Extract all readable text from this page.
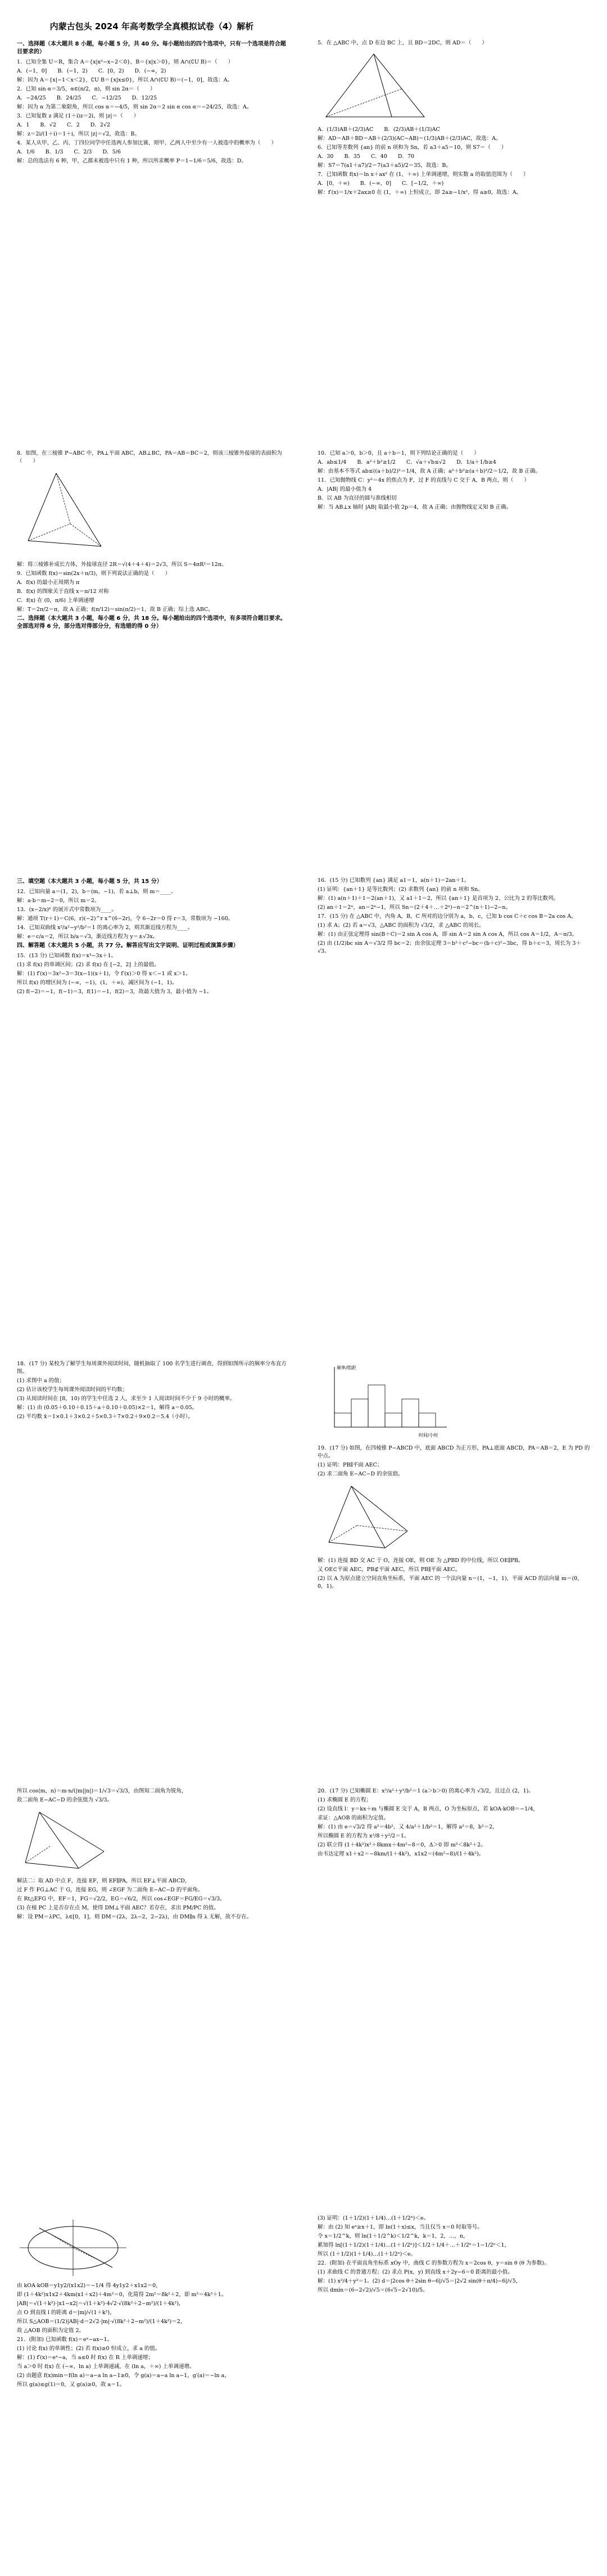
内蒙古包头 2024 年高考数学全真模拟试卷（4）解析
一、选择题（本大题共 8 小题，每小题 5 分，共 40 分。每小题给出的四个选项中，只有一个选项是符合题目要求的）

1．已知全集 U＝R，集合 A＝{x|x²−x−2＜0}，B＝{x|x＞0}，则 A∩(∁U B)＝（　　）

A．(−1，0]　　B．(−1，2)　　C．[0，2)　　D．(−∞，2)

解：因为 A＝{x|−1＜x＜2}，∁U B＝{x|x≤0}，所以 A∩(∁U B)＝(−1，0]，故选：A。

2．已知 sin α＝3/5，α∈(π/2，π)，则 sin 2α＝（　　）

A．−24/25　　B．24/25　　C．−12/25　　D．12/25

解：因为 α 为第二象限角，所以 cos α＝−4/5，则 sin 2α＝2 sin α cos α＝−24/25，故选：A。

3．已知复数 z 满足 (1＋i)z＝2i，则 |z|＝（　　）

A．1　　B．√2　　C．2　　D．2√2

解：z＝2i/(1＋i)＝1＋i，所以 |z|＝√2，故选：B。

4．某人从甲、乙、丙、丁四位同学中任选两人参加比赛，则甲、乙两人中至少有一人被选中的概率为（　　）

A．1/6　　B．1/3　　C．2/3　　D．5/6

解：总的选法有 6 种，甲、乙都未被选中只有 1 种，所以所求概率 P＝1−1/6＝5/6，故选：D。

5．在 △ABC 中，点 D 在边 BC 上，且 BD＝2DC，则 AD＝（　　）

A．(1/3)AB＋(2/3)AC　　B．(2/3)AB＋(1/3)AC

解：AD＝AB＋BD＝AB＋(2/3)(AC−AB)＝(1/3)AB＋(2/3)AC，故选：A。

6．已知等差数列 {an} 的前 n 项和为 Sn，若 a3＋a5＝10，则 S7＝（　　）

A．30　　B．35　　C．40　　D．70

解：S7＝7(a1＋a7)/2＝7(a3＋a5)/2＝35，故选：B。

7．已知函数 f(x)＝ln x＋ax² 在 (1，＋∞) 上单调递增，则实数 a 的取值范围为（　　）

A．[0，＋∞)　　B．(−∞，0]　　C．[−1/2，＋∞)

解：f′(x)＝1/x＋2ax≥0 在 (1，＋∞) 上恒成立，即 2a≥−1/x²，得 a≥0，故选：A。

8．如图，在三棱锥 P−ABC 中，PA⊥平面 ABC，AB⊥BC，PA＝AB＝BC＝2，则该三棱锥外接球的表面积为（　　）

解：将三棱锥补成长方体，外接球直径 2R＝√(4＋4＋4)＝2√3，所以 S＝4πR²＝12π。

9．已知函数 f(x)＝sin(2x＋π/3)，则下列说法正确的是（　　）

A．f(x) 的最小正周期为 π

B．f(x) 的图象关于直线 x＝π/12 对称

C．f(x) 在 (0，π/6) 上单调递增

解：T＝2π/2＝π，故 A 正确；f(π/12)＝sin(π/2)＝1，故 B 正确；综上选 ABC。

二、选择题（本大题共 3 小题，每小题 6 分，共 18 分。每小题给出的四个选项中，有多项符合题目要求。全部选对得 6 分，部分选对得部分分，有选错的得 0 分）

10．已知 a＞0，b＞0，且 a＋b＝1，则下列结论正确的是（　　）

A．ab≤1/4　　B．a²＋b²≥1/2　　C．√a＋√b≤√2　　D．1/a＋1/b≥4

解：由基本不等式 ab≤((a＋b)/2)²＝1/4，故 A 正确；a²＋b²≥(a＋b)²/2＝1/2，故 B 正确。

11．已知抛物线 C：y²＝4x 的焦点为 F，过 F 的直线与 C 交于 A，B 两点，则（　　）

A．|AB| 的最小值为 4

B．以 AB 为直径的圆与准线相切

解：当 AB⊥x 轴时 |AB| 取最小值 2p＝4，故 A 正确；由抛物线定义知 B 正确。

三、填空题（本大题共 3 小题，每小题 5 分，共 15 分）

12．已知向量 a＝(1，2)，b＝(m，−1)，若 a⊥b，则 m＝____。

解：a·b＝m−2＝0，所以 m＝2。

13．(x−2/x)⁶ 的展开式中常数项为____。

解：通项 T(r＋1)＝C(6，r)(−2)^r x^(6−2r)，令 6−2r＝0 得 r＝3，常数项为 −160。

14．已知双曲线 x²/a²−y²/b²＝1 的离心率为 2，则其渐近线方程为____。

解：e＝c/a＝2，所以 b/a＝√3，渐近线方程为 y＝±√3x。

四、解答题（本大题共 5 小题，共 77 分。解答应写出文字说明、证明过程或演算步骤）

15．(13 分) 已知函数 f(x)＝x³−3x＋1。

(1) 求 f(x) 的单调区间；(2) 求 f(x) 在 [−2，2] 上的最值。

解：(1) f′(x)＝3x²−3＝3(x−1)(x＋1)，令 f′(x)＞0 得 x＜−1 或 x＞1。

所以 f(x) 的增区间为 (−∞，−1)，(1，＋∞)，减区间为 (−1，1)。

(2) f(−2)＝−1，f(−1)＝3，f(1)＝−1，f(2)＝3，故最大值为 3，最小值为 −1。

16．(15 分) 已知数列 {an} 满足 a1＝1，a(n＋1)＝2an＋1。

(1) 证明：{an＋1} 是等比数列；(2) 求数列 {an} 的前 n 项和 Sn。

解：(1) a(n＋1)＋1＝2(an＋1)，又 a1＋1＝2，所以 {an＋1} 是首项为 2、公比为 2 的等比数列。

(2) an＋1＝2ⁿ，an＝2ⁿ−1，所以 Sn＝(2＋4＋…＋2ⁿ)−n＝2^(n＋1)−2−n。

17．(15 分) 在 △ABC 中，内角 A，B，C 所对的边分别为 a，b，c，已知 b cos C＋c cos B＝2a cos A。

(1) 求 A；(2) 若 a＝√3，△ABC 的面积为 √3/2，求 △ABC 的周长。

解：(1) 由正弦定理得 sin(B＋C)＝2 sin A cos A，即 sin A＝2 sin A cos A，所以 cos A＝1/2，A＝π/3。

(2) 由 (1/2)bc sin A＝√3/2 得 bc＝2；由余弦定理 3＝b²＋c²−bc＝(b＋c)²−3bc，得 b＋c＝3，周长为 3＋√3。

18．(17 分) 某校为了解学生每周课外阅读时间，随机抽取了 100 名学生进行调查，得到如图所示的频率分布直方图。

(1) 求图中 a 的值；

(2) 估计该校学生每周课外阅读时间的平均数；

(3) 从阅读时间在 [8，10) 的学生中任选 2 人，求至少 1 人阅读时间不少于 9 小时的概率。

解：(1) 由 (0.05＋0.10＋0.15＋a＋0.10＋0.05)×2＝1，解得 a＝0.05。

(2) 平均数 x̄＝1×0.1＋3×0.2＋5×0.3＋7×0.2＋9×0.2＝5.4（小时）。

频率/组距
时间/小时

19．(17 分) 如图，在四棱锥 P−ABCD 中，底面 ABCD 为正方形，PA⊥底面 ABCD，PA＝AB＝2，E 为 PD 的中点。

(1) 证明：PB∥平面 AEC；

(2) 求二面角 E−AC−D 的余弦值。

解：(1) 连接 BD 交 AC 于 O，连接 OE，则 OE 为 △PBD 的中位线，所以 OE∥PB。

又 OE⊂平面 AEC，PB⊄平面 AEC，所以 PB∥平面 AEC。

(2) 以 A 为原点建立空间直角坐标系，平面 AEC 的一个法向量 n＝(1，−1，1)，平面 ACD 的法向量 m＝(0，0，1)。

所以 cos⟨m，n⟩＝m·n/(|m||n|)＝1/√3＝√3/3，由图知二面角为锐角，

故二面角 E−AC−D 的余弦值为 √3/3。

解法二：取 AD 中点 F，连接 EF，则 EF∥PA，所以 EF⊥平面 ABCD，

过 F 作 FG⊥AC 于 G，连接 EG，则 ∠EGF 为二面角 E−AC−D 的平面角。

在 Rt△EFG 中，EF＝1，FG＝√2/2，EG＝√6/2，所以 cos∠EGF＝FG/EG＝√3/3。

(3) 在棱 PC 上是否存在点 M，使得 DM⊥平面 AEC？若存在，求出 PM/PC 的值。

解：设 PM＝λPC，λ∈[0，1]，则 DM＝(2λ，2λ−2，2−2λ)，由 DM∥n 得 λ 无解，故不存在。

20．(17 分) 已知椭圆 E：x²/a²＋y²/b²＝1 (a＞b＞0) 的离心率为 √3/2，且过点 (2，1)。

(1) 求椭圆 E 的方程；

(2) 设直线 l：y＝kx＋m 与椭圆 E 交于 A，B 两点，O 为坐标原点，若 kOA·kOB＝−1/4，

求证：△AOB 的面积为定值。

解：(1) 由 e＝√3/2 得 a²＝4b²，又 4/a²＋1/b²＝1，解得 a²＝8，b²＝2，

所以椭圆 E 的方程为 x²/8＋y²/2＝1。

(2) 联立得 (1＋4k²)x²＋8kmx＋4m²−8＝0，Δ＞0 即 m²＜8k²＋2。

由韦达定理 x1＋x2＝−8km/(1＋4k²)，x1x2＝(4m²−8)/(1＋4k²)。

由 kOA·kOB＝y1y2/(x1x2)＝−1/4 得 4y1y2＋x1x2＝0，

即 (1＋4k²)x1x2＋4km(x1＋x2)＋4m²＝0，化简得 2m²＝8k²＋2，即 m²＝4k²＋1。

|AB|＝√(1＋k²)·|x1−x2|＝√(1＋k²)·4√2·√(8k²＋2−m²)/(1＋4k²)，

点 O 到直线 l 的距离 d＝|m|/√(1＋k²)，

所以 S△AOB＝(1/2)|AB|·d＝2√2·|m|·√(8k²＋2−m²)/(1＋4k²)＝2，

故 △AOB 的面积为定值 2。

21．(附加) 已知函数 f(x)＝eˣ−ax−1。

(1) 讨论 f(x) 的单调性；(2) 若 f(x)≥0 恒成立，求 a 的值。

解：(1) f′(x)＝eˣ−a，当 a≤0 时 f(x) 在 R 上单调递增；

当 a＞0 时 f(x) 在 (−∞，ln a) 上单调递减，在 (ln a，＋∞) 上单调递增。

(2) 由题意 f(x)min＝f(ln a)＝a−a ln a−1≥0，令 g(a)＝a−a ln a−1，g′(a)＝−ln a，

所以 g(a)≤g(1)＝0，又 g(a)≥0，故 a＝1。

(3) 证明：(1＋1/2)(1＋1/4)…(1＋1/2ⁿ)＜e。

解：由 (2) 知 eˣ≥x＋1，即 ln(1＋x)≤x，当且仅当 x＝0 时取等号。

令 x＝1/2^k，则 ln(1＋1/2^k)＜1/2^k，k＝1，2，…，n，

累加得 ln[(1＋1/2)(1＋1/4)…(1＋1/2ⁿ)]＜1/2＋1/4＋…＋1/2ⁿ＝1−1/2ⁿ＜1，

所以 (1＋1/2)(1＋1/4)…(1＋1/2ⁿ)＜e。

22．(附加) 在平面直角坐标系 xOy 中，曲线 C 的参数方程为 x＝2cos θ，y＝sin θ (θ 为参数)。

(1) 求曲线 C 的普通方程；(2) 求点 P(x，y) 到直线 x＋2y−6＝0 距离的最小值。

解：(1) x²/4＋y²＝1。(2) d＝|2cos θ＋2sin θ−6|/√5＝|2√2 sin(θ＋π/4)−6|/√5，

所以 dmin＝(6−2√2)/√5＝(6√5−2√10)/5。
